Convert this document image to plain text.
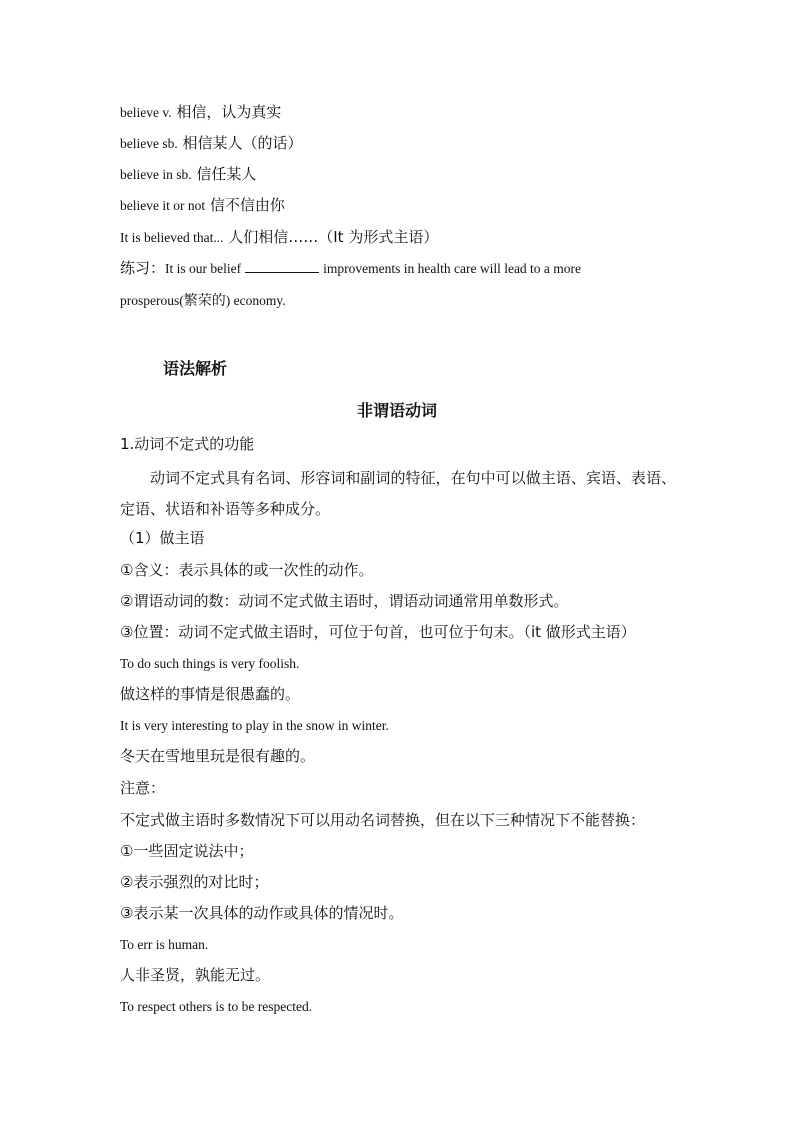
believe v. 相信，认为真实
believe sb. 相信某人（的话）
believe in sb. 信任某人
believe it or not 信不信由你
It is believed that... 人们相信……（It 为形式主语）
练习：It is our belief	improvements in health care will lead to a more
prosperous(繁荣的) economy.
语法解析
非谓语动词
1.动词不定式的功能
动词不定式具有名词、形容词和副词的特征，在句中可以做主语、宾语、表语、定语、状语和补语等多种成分。
（1）做主语
①含义：表示具体的或一次性的动作。
②谓语动词的数：动词不定式做主语时，谓语动词通常用单数形式。
③位置：动词不定式做主语时，可位于句首，也可位于句末。（it 做形式主语）
To do such things is very foolish.
做这样的事情是很愚蠢的。
It is very interesting to play in the snow in winter.
冬天在雪地里玩是很有趣的。
注意：
不定式做主语时多数情况下可以用动名词替换，但在以下三种情况下不能替换：
①一些固定说法中；
②表示强烈的对比时；
③表示某一次具体的动作或具体的情况时。
To err is human.
人非圣贤，孰能无过。
To respect others is to be respected.
